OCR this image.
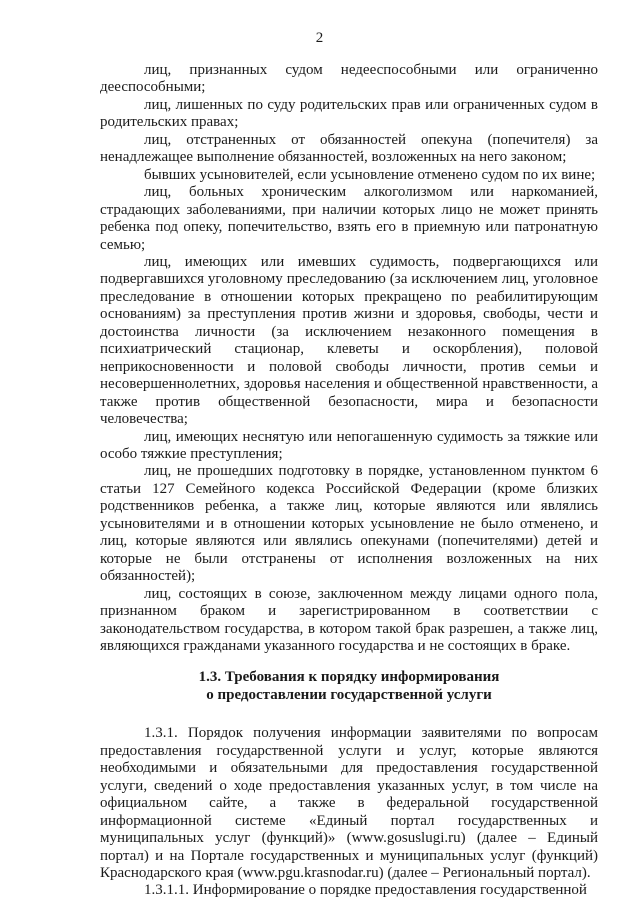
2

лиц, признанных судом недееспособными или ограниченно дееспособными;

лиц, лишенных по суду родительских прав или ограниченных судом в родительских правах;

лиц, отстраненных от обязанностей опекуна (попечителя) за ненадлежащее выполнение обязанностей, возложенных на него законом;

бывших усыновителей, если усыновление отменено судом по их вине;

лиц, больных хроническим алкоголизмом или наркоманией, страдающих заболеваниями, при наличии которых лицо не может принять ребенка под опеку, попечительство, взять его в приемную или патронатную семью;

лиц, имеющих или имевших судимость, подвергающихся или подвергавшихся уголовному преследованию (за исключением лиц, уголовное преследование в отношении которых прекращено по реабилитирующим основаниям) за преступления против жизни и здоровья, свободы, чести и достоинства личности (за исключением незаконного помещения в психиатрический стационар, клеветы и оскорбления), половой неприкосновенности и половой свободы личности, против семьи и несовершеннолетних, здоровья населения и общественной нравственности, а также против общественной безопасности, мира и безопасности человечества;

лиц, имеющих неснятую или непогашенную судимость за тяжкие или особо тяжкие преступления;

лиц, не прошедших подготовку в порядке, установленном пунктом 6 статьи 127 Семейного кодекса Российской Федерации (кроме близких родственников ребенка, а также лиц, которые являются или являлись усыновителями и в отношении которых усыновление не было отменено, и лиц, которые являются или являлись опекунами (попечителями) детей и которые не были отстранены от исполнения возложенных на них обязанностей);

лиц, состоящих в союзе, заключенном между лицами одного пола, признанном браком и зарегистрированном в соответствии с законодательством государства, в котором такой брак разрешен, а также лиц, являющихся гражданами указанного государства и не состоящих в браке.

1.3. Требования к порядку информирования
о предоставлении государственной услуги

1.3.1. Порядок получения информации заявителями по вопросам предоставления государственной услуги и услуг, которые являются необходимыми и обязательными для предоставления государственной услуги, сведений о ходе предоставления указанных услуг, в том числе на официальном сайте, а также в федеральной государственной информационной системе «Единый портал государственных и муниципальных услуг (функций)» (www.gosuslugi.ru) (далее – Единый портал) и на Портале государственных и муниципальных услуг (функций) Краснодарского края (www.pgu.krasnodar.ru) (далее – Региональный портал).

1.3.1.1. Информирование о порядке предоставления государственной
